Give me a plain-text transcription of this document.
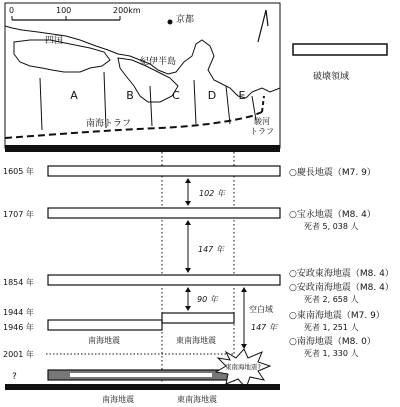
0	100	200km
京都
四国
紀伊半島
A	B	C	D E
南海トラフ	駿河
トラフ
破壊領域
1605 年
1707 年
1854 年
1944 年
1946 年
2001 年
?
102 年
147 年
90 年
空白域
147 年
南海地震	東南海地震
東南海地震?
南海地震	東南海地震
○慶長地震（M7. 9）
○宝永地震（M8. 4）
死者 5, 038 人
○安政東海地震（M8. 4）
○安政南海地震（M8. 4）
死者 2, 658 人
○東南海地震（M7. 9）
死者 1, 251 人
○南海地震（M8. 0）
死者 1, 330 人
